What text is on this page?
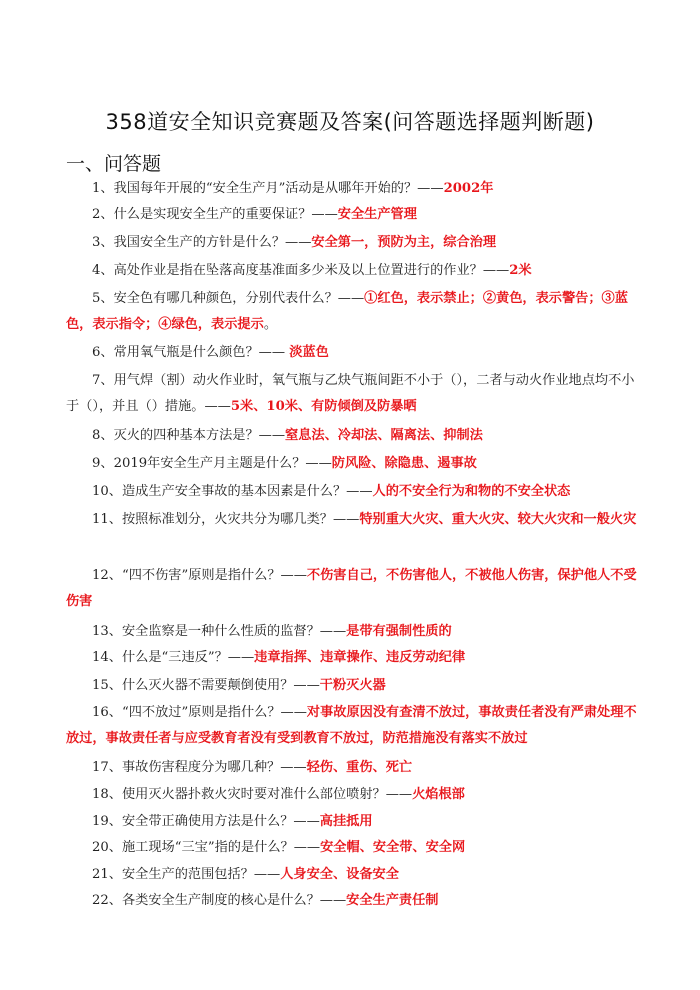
358道安全知识竞赛题及答案(问答题选择题判断题)
一、问答题
1、我国每年开展的“安全生产月”活动是从哪年开始的？——2002年
2、什么是实现安全生产的重要保证？——安全生产管理
3、我国安全生产的方针是什么？——安全第一，预防为主，综合治理
4、高处作业是指在坠落高度基准面多少米及以上位置进行的作业？——2米
5、安全色有哪几种颜色，分别代表什么？——①红色，表示禁止；②黄色，表示警告；③蓝色，表示指令；④绿色，表示提示。
6、常用氧气瓶是什么颜色？—— 淡蓝色
7、用气焊（割）动火作业时，氧气瓶与乙炔气瓶间距不小于（），二者与动火作业地点均不小于（），并且（）措施。——5米、10米、有防倾倒及防暴晒
8、灭火的四种基本方法是？——窒息法、冷却法、隔离法、抑制法
9、2019年安全生产月主题是什么？——防风险、除隐患、遏事故
10、造成生产安全事故的基本因素是什么？——人的不安全行为和物的不安全状态
11、按照标准划分，火灾共分为哪几类？——特别重大火灾、重大火灾、较大火灾和一般火灾
12、“四不伤害”原则是指什么？——不伤害自己，不伤害他人，不被他人伤害，保护他人不受伤害
13、安全监察是一种什么性质的监督？——是带有强制性质的
14、什么是“三违反”？——违章指挥、违章操作、违反劳动纪律
15、什么灭火器不需要颠倒使用？——干粉灭火器
16、“四不放过”原则是指什么？——对事故原因没有查清不放过，事故责任者没有严肃处理不放过，事故责任者与应受教育者没有受到教育不放过，防范措施没有落实不放过
17、事故伤害程度分为哪几种？——轻伤、重伤、死亡
18、使用灭火器扑救火灾时要对准什么部位喷射？——火焰根部
19、安全带正确使用方法是什么？——高挂抵用
20、施工现场“三宝”指的是什么？——安全帽、安全带、安全网
21、安全生产的范围包括？——人身安全、设备安全
22、各类安全生产制度的核心是什么？——安全生产责任制
